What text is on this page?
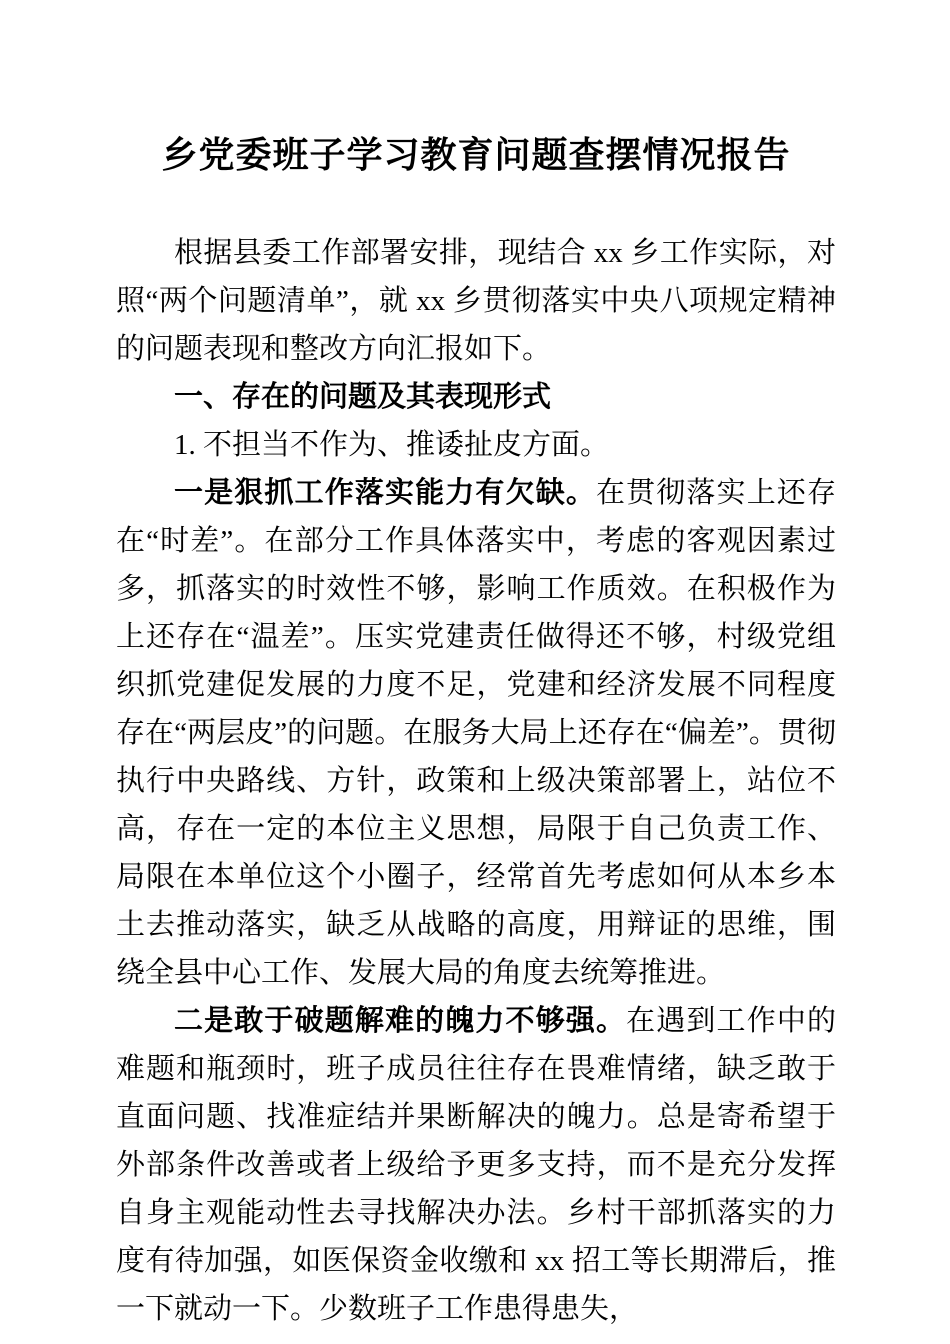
乡党委班子学习教育问题查摆情况报告

根据县委工作部署安排，现结合 xx 乡工作实际，对照“两个问题清单”，就 xx 乡贯彻落实中央八项规定精神的问题表现和整改方向汇报如下。

一、存在的问题及其表现形式

1. 不担当不作为、推诿扯皮方面。

一是狠抓工作落实能力有欠缺。在贯彻落实上还存在“时差”。在部分工作具体落实中，考虑的客观因素过多，抓落实的时效性不够，影响工作质效。在积极作为上还存在“温差”。压实党建责任做得还不够，村级党组织抓党建促发展的力度不足，党建和经济发展不同程度存在“两层皮”的问题。在服务大局上还存在“偏差”。贯彻执行中央路线、方针，政策和上级决策部署上，站位不高，存在一定的本位主义思想，局限于自己负责工作、局限在本单位这个小圈子，经常首先考虑如何从本乡本土去推动落实，缺乏从战略的高度，用辩证的思维，围绕全县中心工作、发展大局的角度去统筹推进。

二是敢于破题解难的魄力不够强。在遇到工作中的难题和瓶颈时，班子成员往往存在畏难情绪，缺乏敢于直面问题、找准症结并果断解决的魄力。总是寄希望于外部条件改善或者上级给予更多支持，而不是充分发挥自身主观能动性去寻找解决办法。乡村干部抓落实的力度有待加强，如医保资金收缴和 xx 招工等长期滞后，推一下就动一下。少数班子工作患得患失，
